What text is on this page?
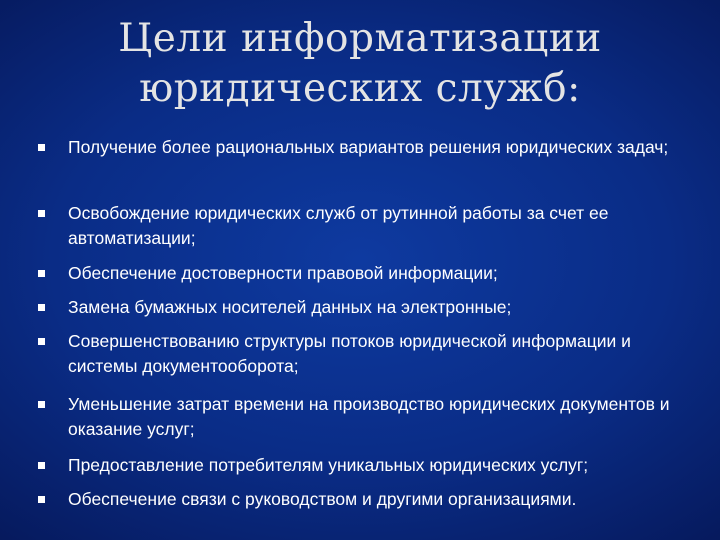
Цели информатизации
юридических служб:
Получение более рациональных вариантов решения юридических задач;
Освобождение юридических служб от рутинной работы за счет ее автоматизации;
Обеспечение достоверности правовой информации;
Замена бумажных носителей данных на электронные;
Совершенствованию структуры потоков юридической информации и системы документооборота;
Уменьшение затрат времени на производство юридических документов и оказание услуг;
Предоставление потребителям уникальных юридических услуг;
Обеспечение связи с руководством и другими организациями.
